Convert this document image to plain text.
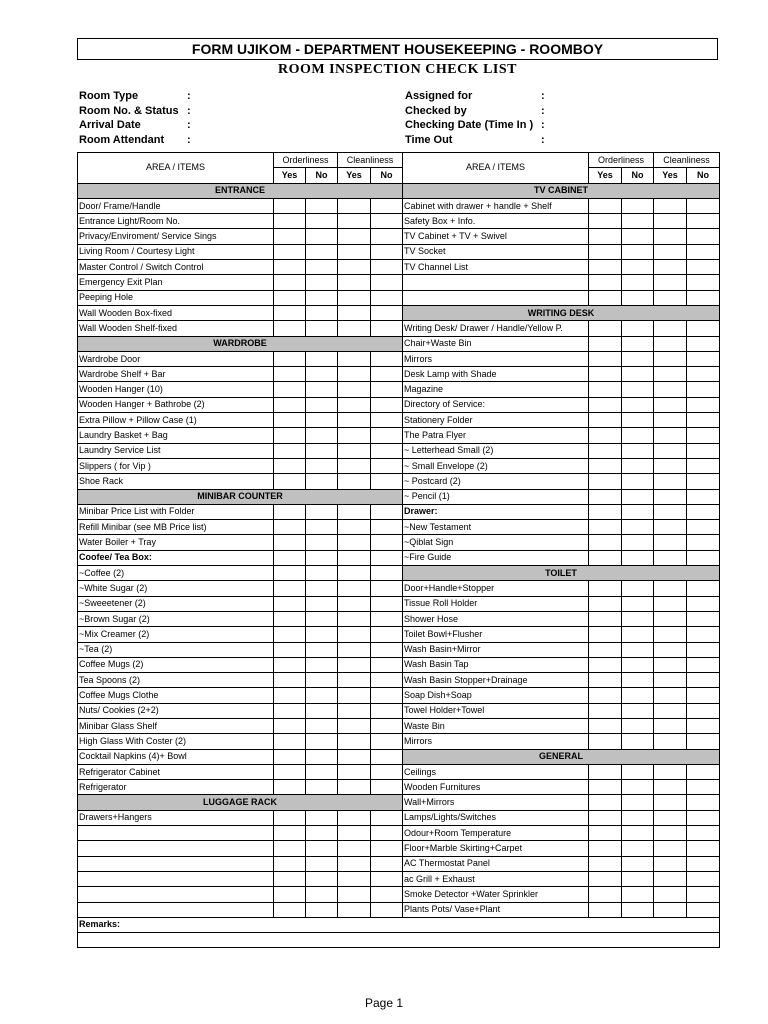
FORM UJIKOM - DEPARTMENT HOUSEKEEPING - ROOMBOY
ROOM INSPECTION CHECK LIST
Room Type	:
Room No. & Status :
Arrival Date	:
Room Attendant :
Assigned for	:
Checked by	:
Checking Date (Time In ) :
Time Out	:
AREA / ITEMS	Orderliness		Cleanliness		AREA / ITEMS	Orderliness		Cleanliness	
	Yes	No	Yes	No		Yes	No	Yes	No
ENTRANCE					TV CABINET				
Door/ Frame/Handle					Cabinet with drawer + handle + Shelf				
Entrance Light/Room No.					Safety Box + Info.				
Privacy/Enviroment/ Service Sings					TV Cabinet + TV + Swivel				
Living Room / Courtesy Light					TV Socket				
Master Control / Switch Control					TV Channel List				
Emergency Exit Plan									
Peeping Hole									
Wall Wooden Box-fixed					WRITING DESK				
Wall Wooden Shelf-fixed					Writing Desk/ Drawer / Handle/Yellow P.				
WARDROBE					Chair+Waste Bin				
Wardrobe Door					Mirrors				
Wardrobe Shelf + Bar					Desk Lamp with Shade				
Wooden Hanger (10)					Magazine				
Wooden Hanger + Bathrobe (2)					Directory of Service:				
Extra Pillow + Pillow Case (1)					Stationery Folder				
Laundry Basket + Bag					The Patra Flyer				
Laundry Service List					~ Letterhead Small (2)				
Slippers ( for Vip )					~ Small Envelope (2)				
Shoe Rack					~ Postcard (2)				
MINIBAR COUNTER					~ Pencil (1)				
Minibar Price List with Folder					Drawer:				
Refill Minibar (see MB Price list)					~New Testament				
Water Boiler + Tray					~Qiblat Sign				
Coofee/ Tea Box:					~Fire Guide				
~Coffee (2)					TOILET				
~White Sugar (2)					Door+Handle+Stopper				
~Sweeetener (2)					Tissue Roll Holder				
~Brown Sugar (2)					Shower Hose				
~Mix Creamer (2)					Toilet Bowl+Flusher				
~Tea (2)					Wash Basin+Mirror				
Coffee Mugs (2)					Wash Basin Tap				
Tea Spoons (2)					Wash Basin Stopper+Drainage				
Coffee Mugs Clothe					Soap Dish+Soap				
Nuts/ Cookies (2+2)					Towel Holder+Towel				
Minibar Glass Shelf					Waste Bin				
High Glass With Coster (2)					Mirrors				
Cocktail Napkins (4)+ Bowl					GENERAL				
Refrigerator Cabinet					Ceilings				
Refrigerator					Wooden Furnitures				
LUGGAGE RACK					Wall+Mirrors				
Drawers+Hangers					Lamps/Lights/Switches				
					Odour+Room Temperature				
					Floor+Marble Skirting+Carpet				
					AC Thermostat Panel				
					ac Grill + Exhaust				
					Smoke Detector +Water Sprinkler				
					Plants Pots/ Vase+Plant				
Remarks:									

Page 1
